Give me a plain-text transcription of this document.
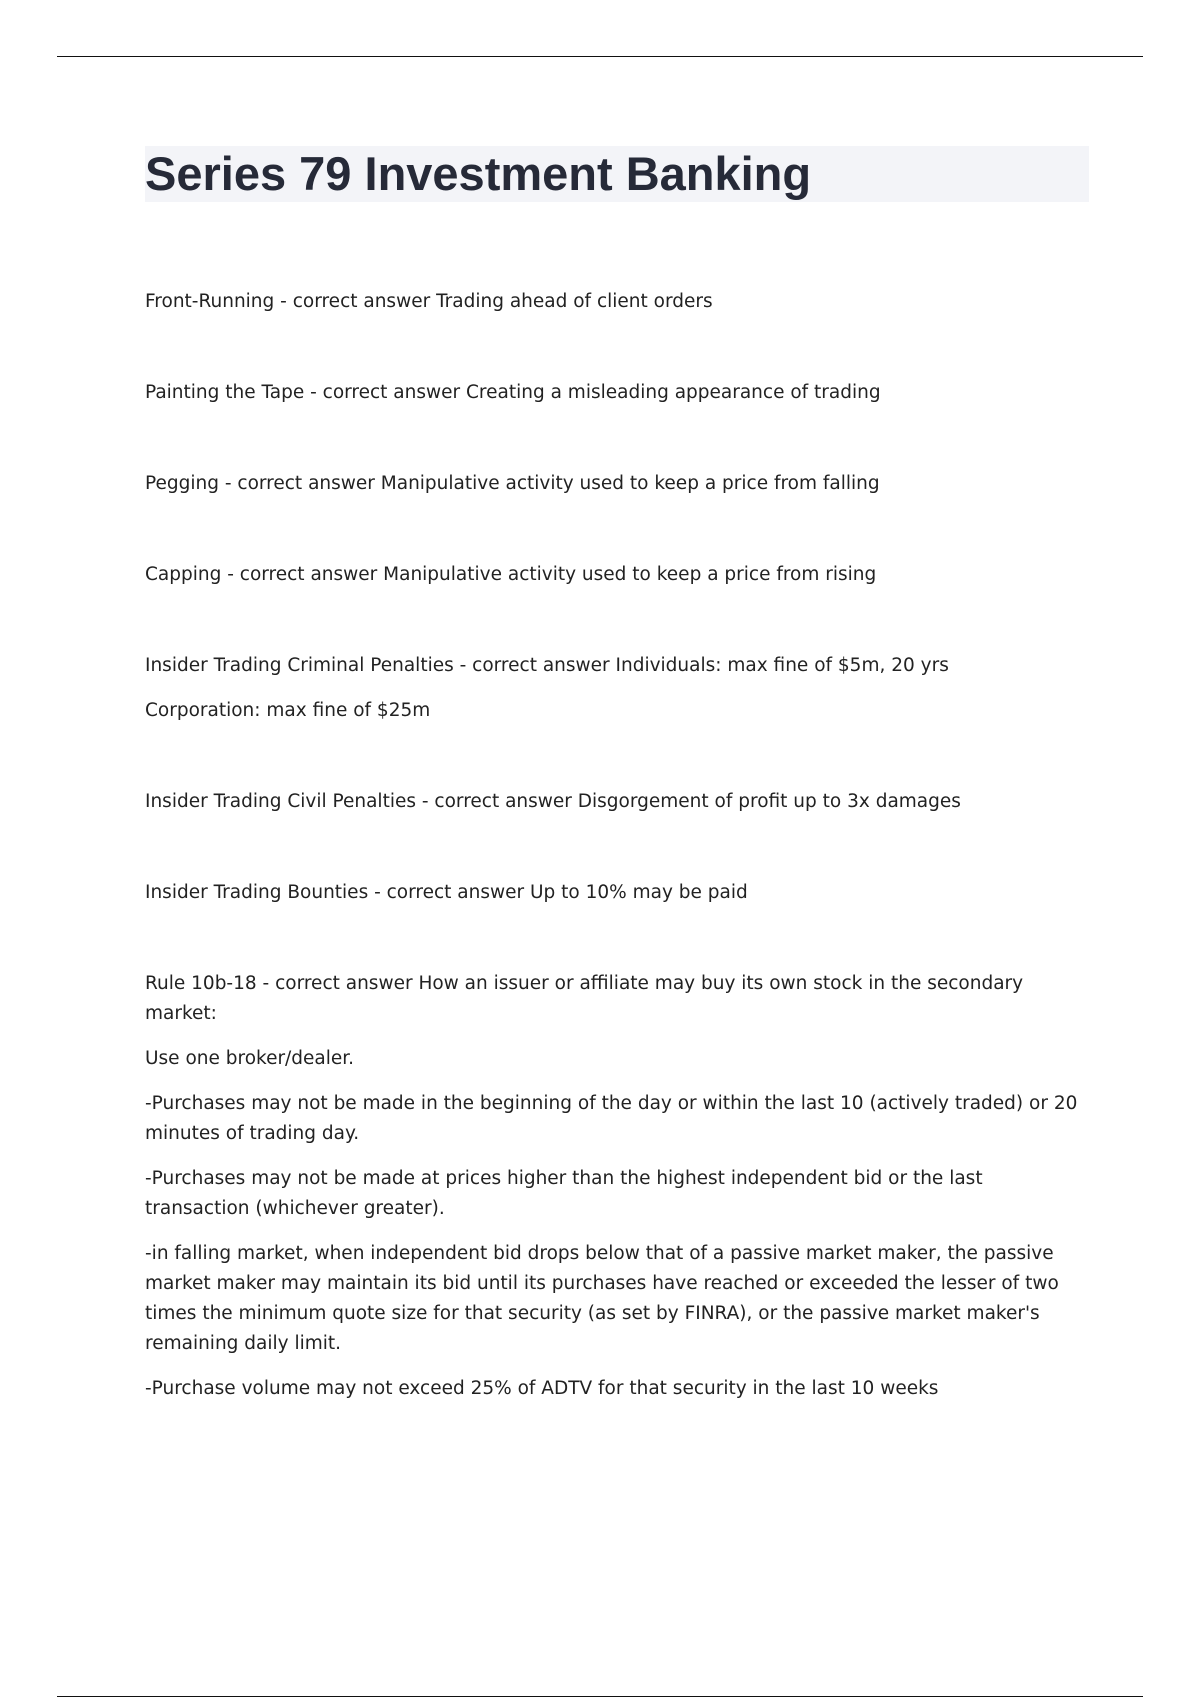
Series 79 Investment Banking

Front-Running - correct answer Trading ahead of client orders

Painting the Tape - correct answer Creating a misleading appearance of trading

Pegging - correct answer Manipulative activity used to keep a price from falling

Capping - correct answer Manipulative activity used to keep a price from rising

Insider Trading Criminal Penalties - correct answer Individuals: max fine of $5m, 20 yrs

Corporation: max fine of $25m

Insider Trading Civil Penalties - correct answer Disgorgement of profit up to 3x damages

Insider Trading Bounties - correct answer Up to 10% may be paid

Rule 10b-18 - correct answer How an issuer or affiliate may buy its own stock in the secondary market:

Use one broker/dealer.

-Purchases may not be made in the beginning of the day or within the last 10 (actively traded) or 20 minutes of trading day.

-Purchases may not be made at prices higher than the highest independent bid or the last transaction (whichever greater).

-in falling market, when independent bid drops below that of a passive market maker, the passive market maker may maintain its bid until its purchases have reached or exceeded the lesser of two times the minimum quote size for that security (as set by FINRA), or the passive market maker's remaining daily limit.

-Purchase volume may not exceed 25% of ADTV for that security in the last 10 weeks
